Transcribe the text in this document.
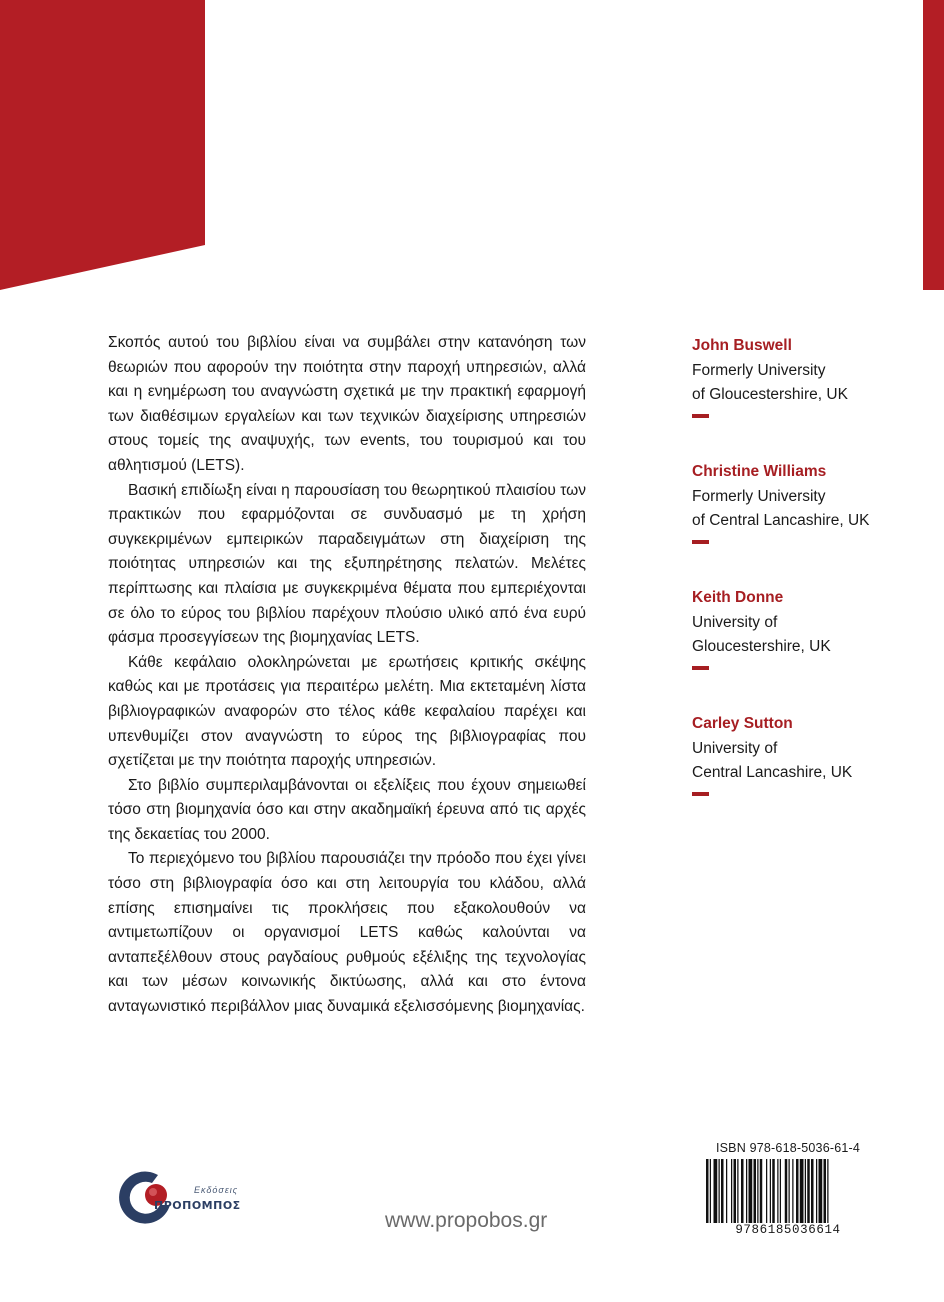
Σκοπός αυτού του βιβλίου είναι να συμβάλει στην κατανόηση των θεωριών που αφορούν την ποιότητα στην παροχή υπηρεσιών, αλλά και η ενημέρωση του αναγνώστη σχετικά με την πρακτική εφαρμογή των διαθέσιμων εργαλείων και των τεχνικών διαχείρισης υπηρεσιών στους τομείς της αναψυχής, των events, του τουρισμού και του αθλητισμού (LETS).

Βασική επιδίωξη είναι η παρουσίαση του θεωρητικού πλαισίου των πρακτικών που εφαρμόζονται σε συνδυασμό με τη χρήση συγκεκριμένων εμπειρικών παραδειγμάτων στη διαχείριση της ποιότητας υπηρεσιών και της εξυπηρέτησης πελατών. Μελέτες περίπτωσης και πλαίσια με συγκεκριμένα θέματα που εμπεριέχονται σε όλο το εύρος του βιβλίου παρέχουν πλούσιο υλικό από ένα ευρύ φάσμα προσεγγίσεων της βιομηχανίας LETS.

Κάθε κεφάλαιο ολοκληρώνεται με ερωτήσεις κριτικής σκέψης καθώς και με προτάσεις για περαιτέρω μελέτη. Μια εκτεταμένη λίστα βιβλιογραφικών αναφορών στο τέλος κάθε κεφαλαίου παρέχει και υπενθυμίζει στον αναγνώστη το εύρος της βιβλιογραφίας που σχετίζεται με την ποιότητα παροχής υπηρεσιών.

Στο βιβλίο συμπεριλαμβάνονται οι εξελίξεις που έχουν σημειωθεί τόσο στη βιομηχανία όσο και στην ακαδημαϊκή έρευνα από τις αρχές της δεκαετίας του 2000.

Το περιεχόμενο του βιβλίου παρουσιάζει την πρόοδο που έχει γίνει τόσο στη βιβλιογραφία όσο και στη λειτουργία του κλάδου, αλλά επίσης επισημαίνει τις προκλήσεις που εξακολουθούν να αντιμετωπίζουν οι οργανισμοί LETS καθώς καλούνται να ανταπεξέλθουν στους ραγδαίους ρυθμούς εξέλιξης της τεχνολογίας και των μέσων κοινωνικής δικτύωσης, αλλά και στο έντονα ανταγωνιστικό περιβάλλον μιας δυναμικά εξελισσόμενης βιομηχανίας.

John Buswell
Formerly University
of Gloucestershire, UK
Christine Williams
Formerly University
of Central Lancashire, UK
Keith Donne
University of
Gloucestershire, UK
Carley Sutton
University of
Central Lancashire, UK
Εκδόσεις
ΠΡΟΠΟΜΠΟΣ
www.propobos.gr
ISBN 978-618-5036-61-4
9786185036614
